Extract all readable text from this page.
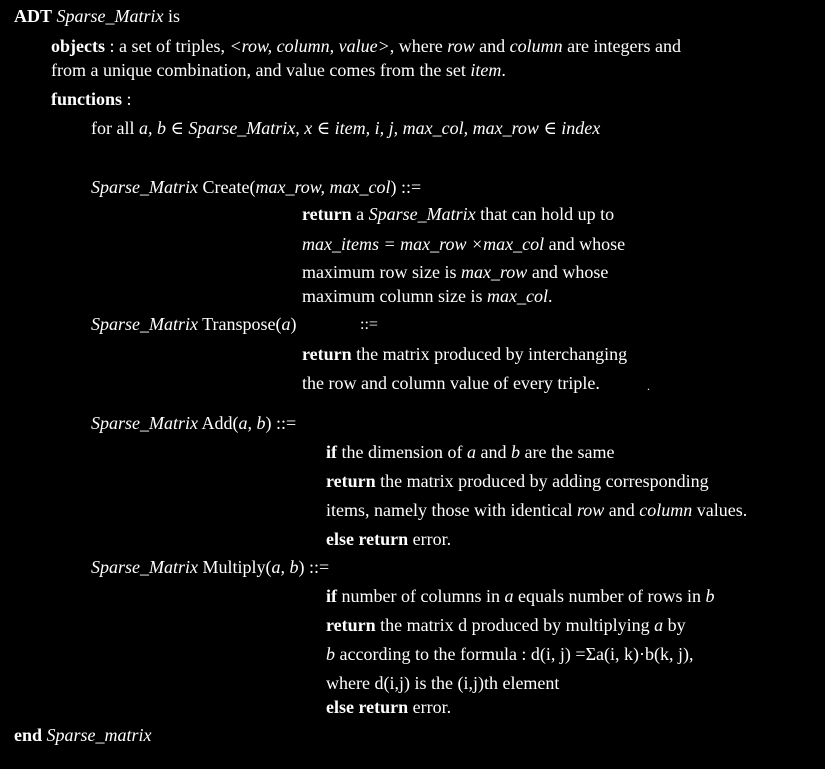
ADT Sparse_Matrix is
objects : a set of triples, <row, column, value>, where row and column are integers and
from a unique combination, and value comes from the set item.
functions :
for all a, b ∈ Sparse_Matrix, x ∈ item, i, j, max_col, max_row ∈ index
Sparse_Matrix Create(max_row, max_col) ::=
return a Sparse_Matrix that can hold up to
max_items = max_row ×max_col and whose
maximum row size is max_row and whose
maximum column size is max_col.
Sparse_Matrix Transpose(a)	::=
return the matrix produced by interchanging
the row and column value of every triple.	.
Sparse_Matrix Add(a, b) ::=
if the dimension of a and b are the same
return the matrix produced by adding corresponding
items, namely those with identical row and column values.
else return error.
Sparse_Matrix Multiply(a, b) ::=
if number of columns in a equals number of rows in b
return the matrix d produced by multiplying a by
b according to the formula : d(i, j) =Σa(i, k)·b(k, j),
where d(i,j) is the (i,j)th element
else return error.
end Sparse_matrix
